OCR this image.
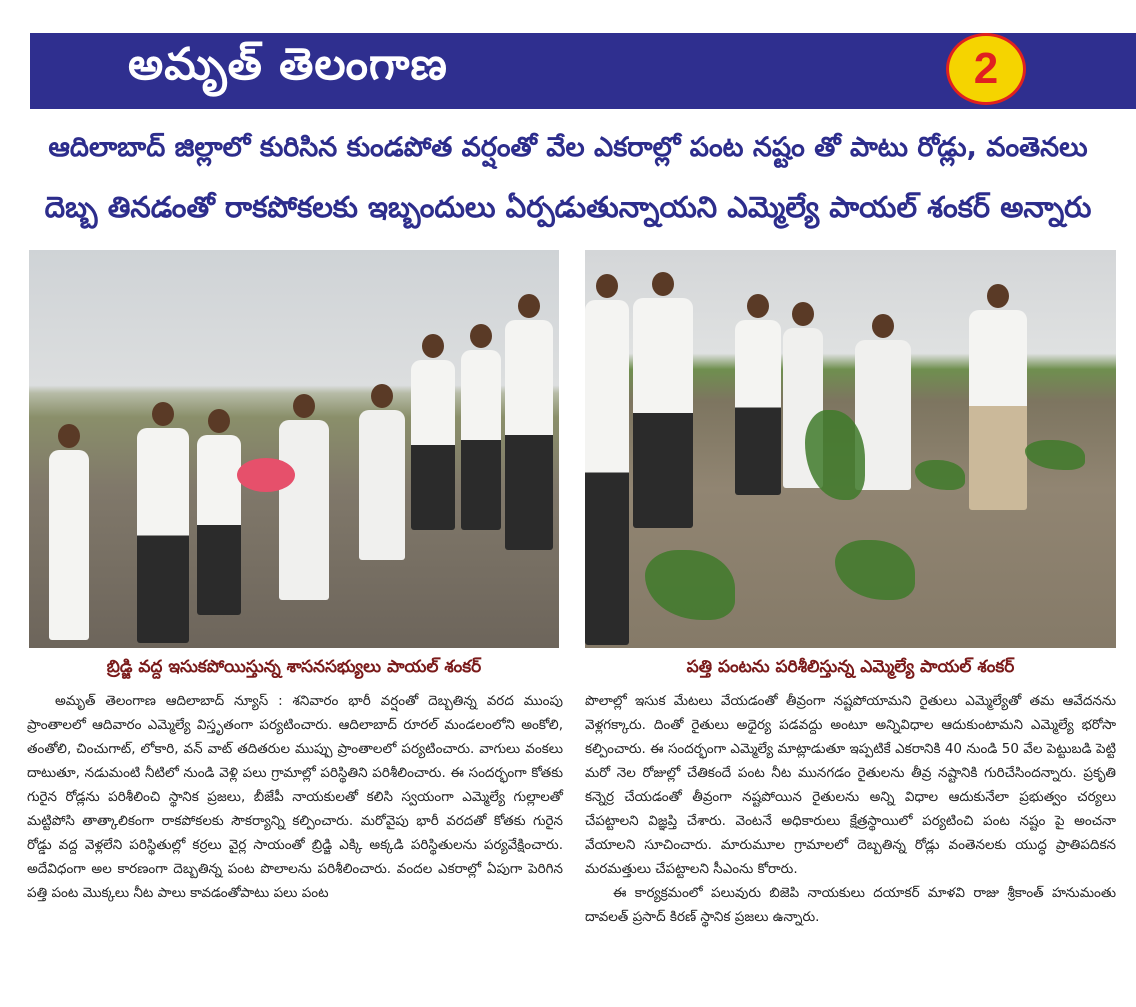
అమృత్ తెలంగాణ	2
ఆదిలాబాద్ జిల్లాలో కురిసిన కుండపోత వర్షంతో వేల ఎకరాల్లో పంట నష్టం తో పాటు రోడ్లు, వంతెనలు
దెబ్బ తినడంతో రాకపోకలకు ఇబ్బందులు ఏర్పడుతున్నాయని ఎమ్మెల్యే పాయల్ శంకర్ అన్నారు
బ్రిడ్జి వద్ద ఇసుకపోయిస్తున్న శాసనసభ్యులు పాయల్ శంకర్	పత్తి పంటను పరిశీలిస్తున్న ఎమ్మెల్యే పాయల్ శంకర్

అమృత్ తెలంగాణ ఆదిలాబాద్ న్యూస్ : శనివారం భారీ వర్షంతో దెబ్బతిన్న వరద ముంపు ప్రాంతాలలో ఆదివారం ఎమ్మెల్యే విస్తృతంగా పర్యటించారు. ఆదిలాబాద్ రూరల్ మండలంలోని అంకోలి, తంతోలి, చించుగాట్, లోకారి, వన్ వాట్ తదితరుల ముప్పు ప్రాంతాలలో పర్యటించారు. వాగులు వంకలు దాటుతూ, నడుమంటి నీటిలో నుండి వెళ్లి పలు గ్రామాల్లో పరిస్థితిని పరిశీలించారు. ఈ సందర్భంగా కోతకు గురైన రోడ్లను పరిశీలించి స్థానిక ప్రజలు, బీజేపీ నాయకులతో కలిసి స్వయంగా ఎమ్మెల్యే గుల్లాలతో మట్టిపోసి తాత్కాలికంగా రాకపోకలకు సౌకర్యాన్ని కల్పించారు. మరోవైపు భారీ వరదతో కోతకు గురైన రోడ్డు వద్ద వెళ్లలేని పరిస్థితుల్లో కర్రలు వైర్ల సాయంతో బ్రిడ్జి ఎక్కి అక్కడి పరిస్థితులను పర్యవేక్షించారు. అదేవిధంగా అల కారణంగా దెబ్బతిన్న పంట పొలాలను పరిశీలించారు. వందల ఎకరాల్లో ఏపుగా పెరిగిన పత్తి పంట మొక్కలు నీట పాలు కావడంతోపాటు పలు పంట

పొలాల్లో ఇసుక మేటలు వేయడంతో తీవ్రంగా నష్టపోయామని రైతులు ఎమ్మెల్యేతో తమ ఆవేదనను వెళ్లగక్కారు. దింతో రైతులు అధైర్య పడవద్దు అంటూ అన్నివిధాల ఆదుకుంటామని ఎమ్మెల్యే భరోసా కల్పించారు. ఈ సందర్భంగా ఎమ్మెల్యే మాట్లాడుతూ ఇప్పటికే ఎకరానికి 40 నుండి 50 వేల పెట్టుబడి పెట్టి మరో నెల రోజుల్లో చేతికందే పంట నీట మునగడం రైతులను తీవ్ర నష్టానికి గురిచేసిందన్నారు. ప్రకృతి కన్నెర్ర చేయడంతో తీవ్రంగా నష్టపోయిన రైతులను అన్ని విధాల ఆదుకునేలా ప్రభుత్వం చర్యలు చేపట్టాలని విజ్ఞప్తి చేశారు. వెంటనే అధికారులు క్షేత్రస్థాయిలో పర్యటించి పంట నష్టం పై అంచనా వేయాలని సూచించారు. మారుమూల గ్రామాలలో దెబ్బతిన్న రోడ్లు వంతెనలకు యుద్ధ ప్రాతిపదికన మరమత్తులు చేపట్టాలని సీఎంను కోరారు.

ఈ కార్యక్రమంలో పలువురు బిజెపి నాయకులు దయాకర్ మాళవి రాజు శ్రీకాంత్ హనుమంతు దావలత్ ప్రసాద్ కిరణ్ స్థానిక ప్రజలు ఉన్నారు.
